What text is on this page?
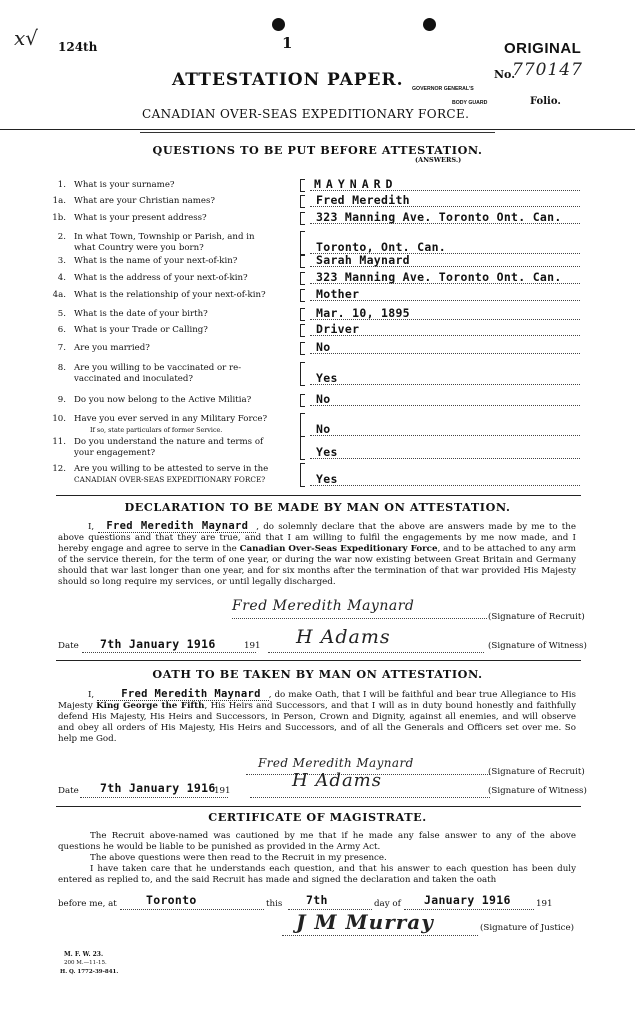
x√ 124th	1	ORIGINAL
ATTESTATION PAPER.	No.
770147
GOVERNOR GENERAL'S
BODY GUARD	Folio.
CANADIAN OVER-SEAS EXPEDITIONARY FORCE.
QUESTIONS TO BE PUT BEFORE ATTESTATION.
(ANSWERS.)
1. What is your surname?	MAYNARD
1a. What are your Christian names?	Fred Meredith
1b. What is your present address?	323 Manning Ave. Toronto Ont. Can.
2. In what Town, Township or Parish, and in
what Country were you born?	Toronto, Ont. Can.
3. What is the name of your next-of-kin?	Sarah Maynard
4. What is the address of your next-of-kin?	323 Manning Ave. Toronto Ont. Can.
4a. What is the relationship of your next-of-kin?	Mother
5. What is the date of your birth?	Mar. 10, 1895
6. What is your Trade or Calling?	Driver
7. Are you married?	No
8. Are you willing to be vaccinated or re-
vaccinated and inoculated?	Yes
9. Do you now belong to the Active Militia?	No
10. Have you ever served in any Military Force?
If so, state particulars of former Service.	No
11. Do you understand the nature and terms of
your engagement?	Yes
12. Are you willing to be attested to serve in the
CANADIAN OVER-SEAS EXPEDITIONARY FORCE?	Yes
DECLARATION TO BE MADE BY MAN ON ATTESTATION.
I, Fred Meredith Maynard , do solemnly declare that the above are answers made by me to the above questions and that they are true, and that I am willing to fulfil the engagements by me now made, and I hereby engage and agree to serve in the Canadian Over-Seas Expeditionary Force, and to be attached to any arm of the service therein, for the term of one year, or during the war now existing between Great Britain and Germany should that war last longer than one year, and for six months after the termination of that war provided His Majesty should so long require my services, or until legally discharged.
Fred Meredith Maynard
(Signature of Recruit)
Date 7th January 1916	191 H Adams	(Signature of Witness)
OATH TO BE TAKEN BY MAN ON ATTESTATION.
I,	Fred Meredith Maynard , do make Oath, that I will be faithful and bear true Allegiance to His Majesty King George the Fifth, His Heirs and Successors, and that I will as in duty bound honestly and faithfully defend His Majesty, His Heirs and Successors, in Person, Crown and Dignity, against all enemies, and will observe and obey all orders of His Majesty, His Heirs and Successors, and of all the Generals and Officers set over me. So help me God.
Fred Meredith Maynard
(Signature of Recruit)
Date 7th January 1916
191	H Adams	(Signature of Witness)
CERTIFICATE OF MAGISTRATE.
The Recruit above-named was cautioned by me that if he made any false answer to any of the above questions he would be liable to be punished as provided in the Army Act.
The above questions were then read to the Recruit in my presence.
I have taken care that he understands each question, and that his answer to each question has been duly entered as replied to, and the said Recruit has made and signed the declaration and taken the oath
before me, at	Toronto	this 7th	day of January 1916	191
J M Murray	(Signature of Justice)
M. F. W. 23.
200 M.—11-15.
H. Q. 1772-39-841.
